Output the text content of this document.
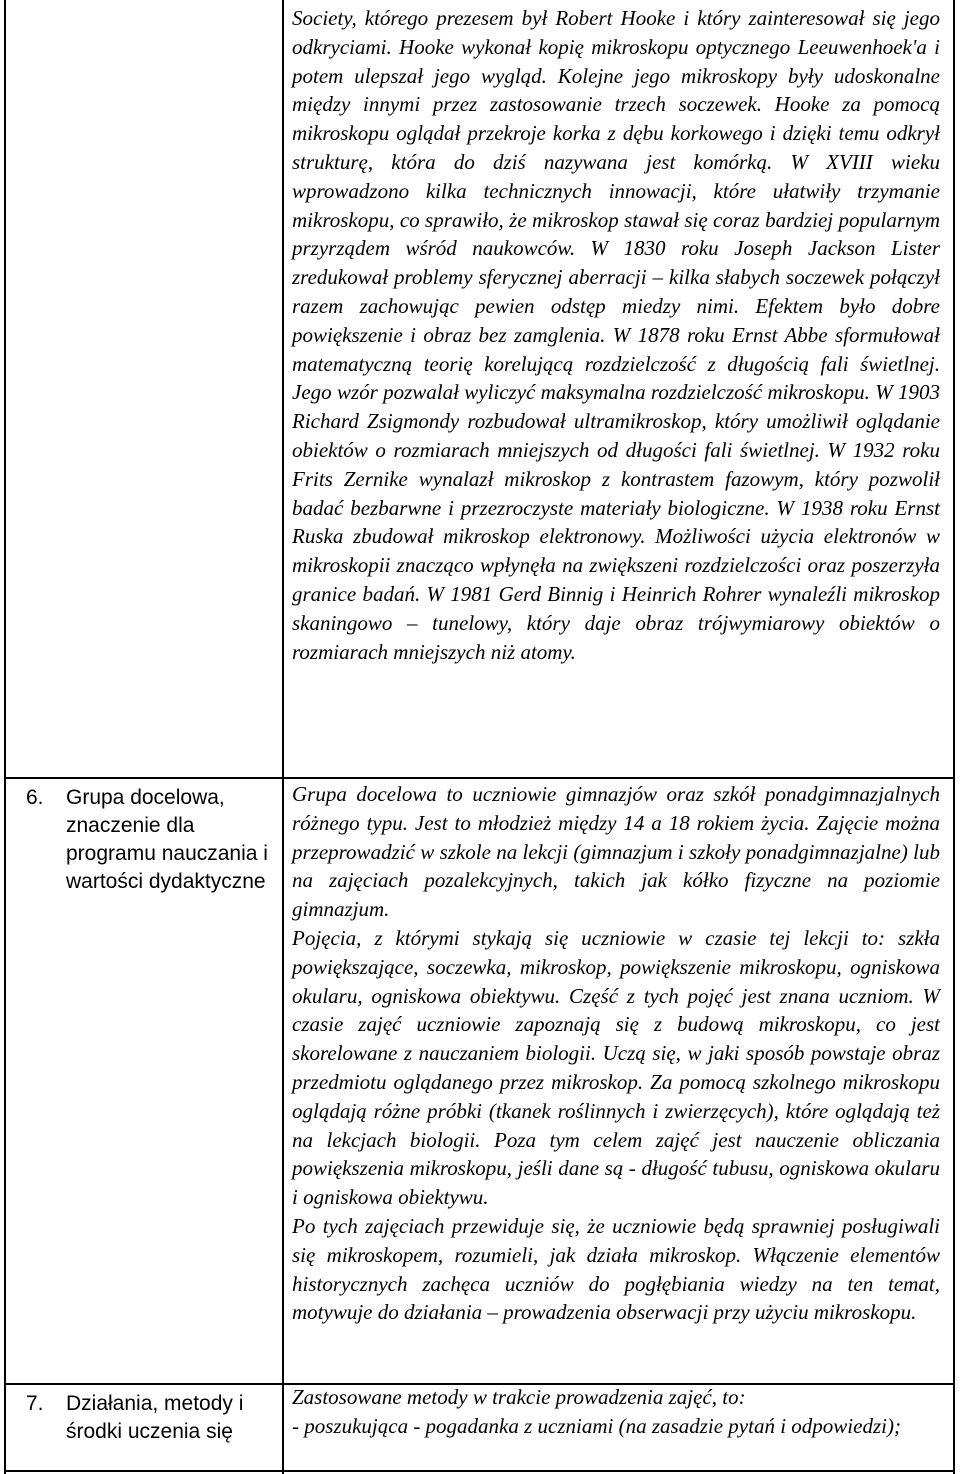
6. Grupa docelowa, znaczenie dla programu nauczania i wartości dydaktyczne
7. Działania, metody i środki uczenia się

Society, którego prezesem był Robert Hooke i który zainteresował się jego odkryciami. Hooke wykonał kopię mikroskopu optycznego Leeuwenhoek'a i potem ulepszał jego wygląd. Kolejne jego mikroskopy były udoskonalne między innymi przez zastosowanie trzech soczewek. Hooke za pomocą mikroskopu oglądał przekroje korka z dębu korkowego i dzięki temu odkrył strukturę, która do dziś nazywana jest komórką. W XVIII wieku wprowadzono kilka technicznych innowacji, które ułatwiły trzymanie mikroskopu, co sprawiło, że mikroskop stawał się coraz bardziej popularnym przyrządem wśród naukowców. W 1830 roku Joseph Jackson Lister zredukował problemy sferycznej aberracji – kilka słabych soczewek połączył razem zachowując pewien odstęp miedzy nimi. Efektem było dobre powiększenie i obraz bez zamglenia. W 1878 roku Ernst Abbe sformułował matematyczną teorię korelującą rozdzielczość z długością fali świetlnej. Jego wzór pozwalał wyliczyć maksymalna rozdzielczość mikroskopu. W 1903 Richard Zsigmondy rozbudował ultramikroskop, który umożliwił oglądanie obiektów o rozmiarach mniejszych od długości fali świetlnej. W 1932 roku Frits Zernike wynalazł mikroskop z kontrastem fazowym, który pozwolił badać bezbarwne i przezroczyste materiały biologiczne. W 1938 roku Ernst Ruska zbudował mikroskop elektronowy. Możliwości użycia elektronów w mikroskopii znacząco wpłynęła na zwiększeni rozdzielczości oraz poszerzyła granice badań. W 1981 Gerd Binnig i Heinrich Rohrer wynaleźli mikroskop skaningowo – tunelowy, który daje obraz trójwymiarowy obiektów o rozmiarach mniejszych niż atomy.

Grupa docelowa to uczniowie gimnazjów oraz szkół ponadgimnazjalnych różnego typu. Jest to młodzież między 14 a 18 rokiem życia. Zajęcie można przeprowadzić w szkole na lekcji (gimnazjum i szkoły ponadgimnazjalne) lub na zajęciach pozalekcyjnych, takich jak kółko fizyczne na poziomie gimnazjum.

Pojęcia, z którymi stykają się uczniowie w czasie tej lekcji to: szkła powiększające, soczewka, mikroskop, powiększenie mikroskopu, ogniskowa okularu, ogniskowa obiektywu. Część z tych pojęć jest znana uczniom. W czasie zajęć uczniowie zapoznają się z budową mikroskopu, co jest skorelowane z nauczaniem biologii. Uczą się, w jaki sposób powstaje obraz przedmiotu oglądanego przez mikroskop. Za pomocą szkolnego mikroskopu oglądają różne próbki (tkanek roślinnych i zwierzęcych), które oglądają też na lekcjach biologii. Poza tym celem zajęć jest nauczenie obliczania powiększenia mikroskopu, jeśli dane są - długość tubusu, ogniskowa okularu i ogniskowa obiektywu.

Po tych zajęciach przewiduje się, że uczniowie będą sprawniej posługiwali się mikroskopem, rozumieli, jak działa mikroskop. Włączenie elementów historycznych zachęca uczniów do pogłębiania wiedzy na ten temat, motywuje do działania – prowadzenia obserwacji przy użyciu mikroskopu.

Zastosowane metody w trakcie prowadzenia zajęć, to:

- poszukująca - pogadanka z uczniami (na zasadzie pytań i odpowiedzi);
